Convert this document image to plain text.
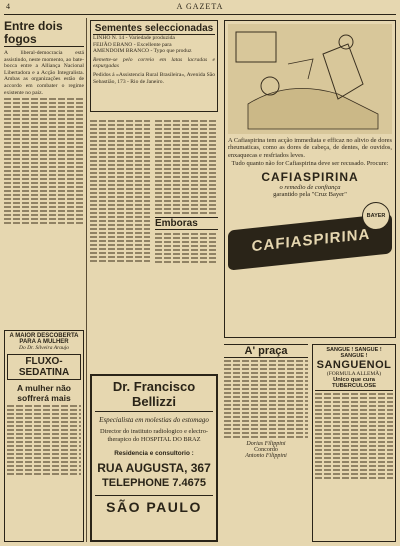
4	A GAZETA
Entre dois fogos
A liberal-democracia está assistindo, neste momento, ao bate-bocca entre a Alliança Nacional Libertadora e a Acção Integralista. Ambas as organizações estão de accordo em combater o regime existente no paiz.
A MAIOR DESCOBERTA
PARA A MULHER
Do Dr. Silveira Araujo
FLUXO-SEDATINA
A mulher não
soffrerá mais
Sementes seleccionadas
LINHO N. 14 - Variedade produzida
FEIJÃO EBANO - Excellente para
AMENDOIM BRANCO - Typo que produz
Remette-se pelo correio em latas lacradas e expurgadas
Pedidos á «Assistencia Rural Brasileira», Avenida São Sebastião, 173 - Rio de Janeiro.
Emboras
A Cafiaspirina tem acção immediata e efficaz no alivio de dores rheumaticas, como as dores de cabeça, de dentes, de ouvidos, enxaquecas e resfriados leves.
Tudo quanto não for Cafiaspirina deve ser recusado. Procure:
CAFIASPIRINA
o remedio de confiança
garantido pela "Cruz Bayer"
CAFIASPIRINA
BAYER
A' praça
Dorias Filippini
Concordo
Antonio Filippini
SANGUE ! SANGUE ! SANGUE !
SANGUENOL
(FORMULA ALLEMÃ)
Unico que cura TUBERCULOSE
Dr. Francisco Bellizzi
Especialista em molestias do estomago
Director do instituto radiologico e electro-therapico do HOSPITAL DO BRAZ
Residencia e consultorio :
RUA AUGUSTA, 367
TELEPHONE 7.4675
SÃO PAULO
